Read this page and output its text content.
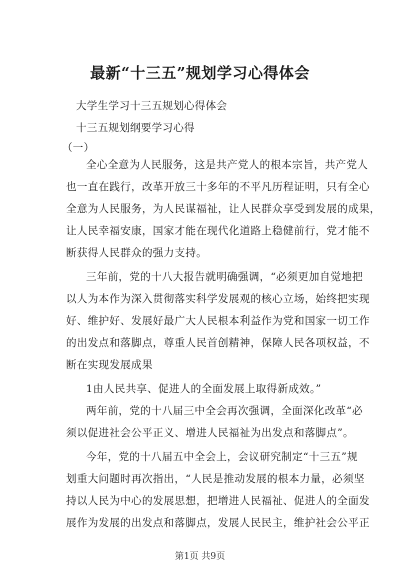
最新“十三五”规划学习心得体会
大学生学习十三五规划心得体会
十三五规划纲要学习心得
（一）
全心全意为人民服务，这是共产党人的根本宗旨，共产党人
也一直在践行，改革开放三十多年的不平凡历程证明，只有全心
全意为人民服务，为人民谋福祉，让人民群众享受到发展的成果，
让人民幸福安康，国家才能在现代化道路上稳健前行，党才能不
断获得人民群众的强力支持。
三年前，党的十八大报告就明确强调，“必须更加自觉地把
以人为本作为深入贯彻落实科学发展观的核心立场，始终把实现
好、维护好、发展好最广大人民根本利益作为党和国家一切工作
的出发点和落脚点，尊重人民首创精神，保障人民各项权益，不
断在实现发展成果
1由人民共享、促进人的全面发展上取得新成效。”
两年前，党的十八届三中全会再次强调，全面深化改革“必
须以促进社会公平正义、增进人民福祉为出发点和落脚点”。
今年，党的十八届五中全会上，会议研究制定“十三五”规
划重大问题时再次指出，“人民是推动发展的根本力量，必须坚
持以人民为中心的发展思想，把增进人民福祉、促进人的全面发
展作为发展的出发点和落脚点，发展人民民主，维护社会公平正
第1页 共9页
